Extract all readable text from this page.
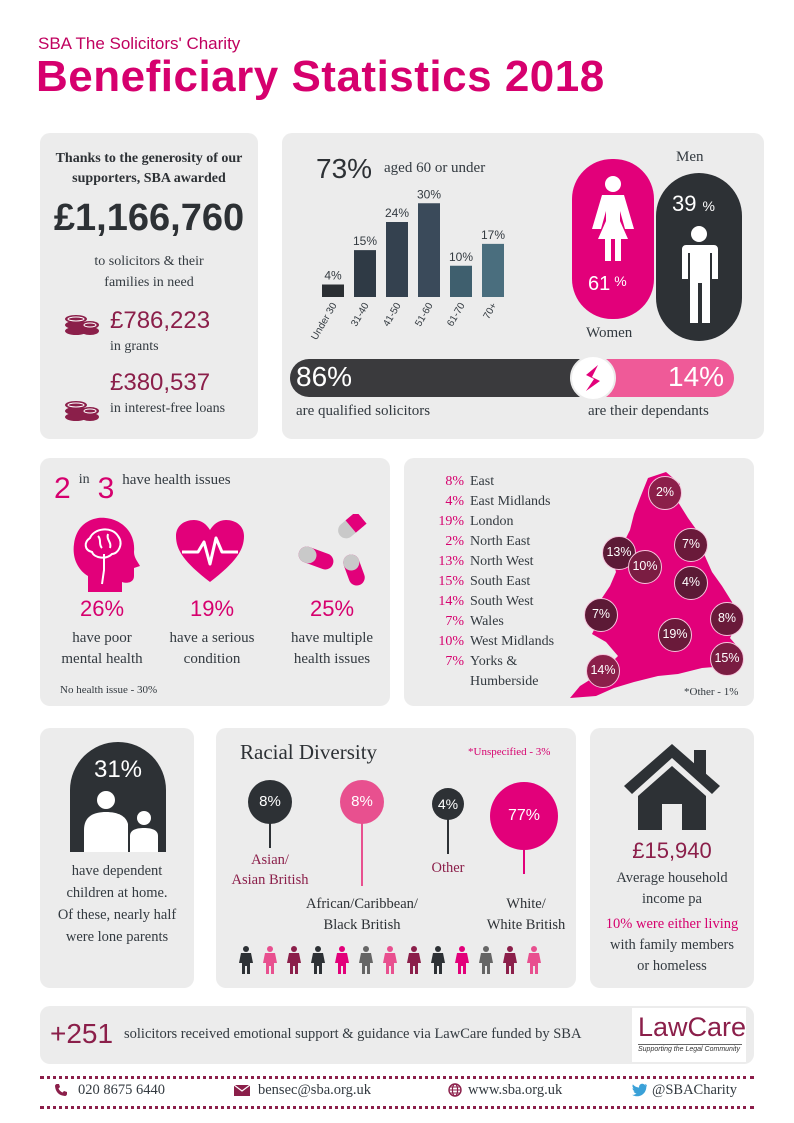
SBA The Solicitors' Charity
Beneficiary Statistics 2018
Thanks to the generosity of our supporters, SBA awarded
£1,166,760
to solicitors & their families in need
£786,223
in grants
£380,537
in interest-free loans
73% aged 60 or under
4%
Under 30
15%
31-40
24%
41-50
30%
51-60
10%
61-70
17%
70+
61 %
Women
Men
39 %
86%	14%
are qualified solicitors	are their dependants
2 in 3 have health issues
26%
have poor
mental health
19%
have a serious
condition
25%
have multiple
health issues
No health issue - 30%
8% East
4% East Midlands
19% London
2% North East
13% North West
15% South East
14% South West
7% Wales
10% West Midlands
7% Yorks &
Humberside
2%
13%
7%
10%
4%
7%	8%
19%
15%
14%
*Other - 1%
31%
have dependent
children at home.
Of these, nearly half
were lone parents
Racial Diversity	*Unspecified - 3%
8%
Asian/
Asian British
8%
African/Caribbean/
Black British
4%
Other
77%
White/
White British
£15,940
Average household
income pa
10% were either living
with family members
or homeless
+251 solicitors received emotional support & guidance via LawCare funded by SBA LawCare
Supporting the Legal Community
020 8675 6440	bensec@sba.org.uk	www.sba.org.uk	@SBACharity
